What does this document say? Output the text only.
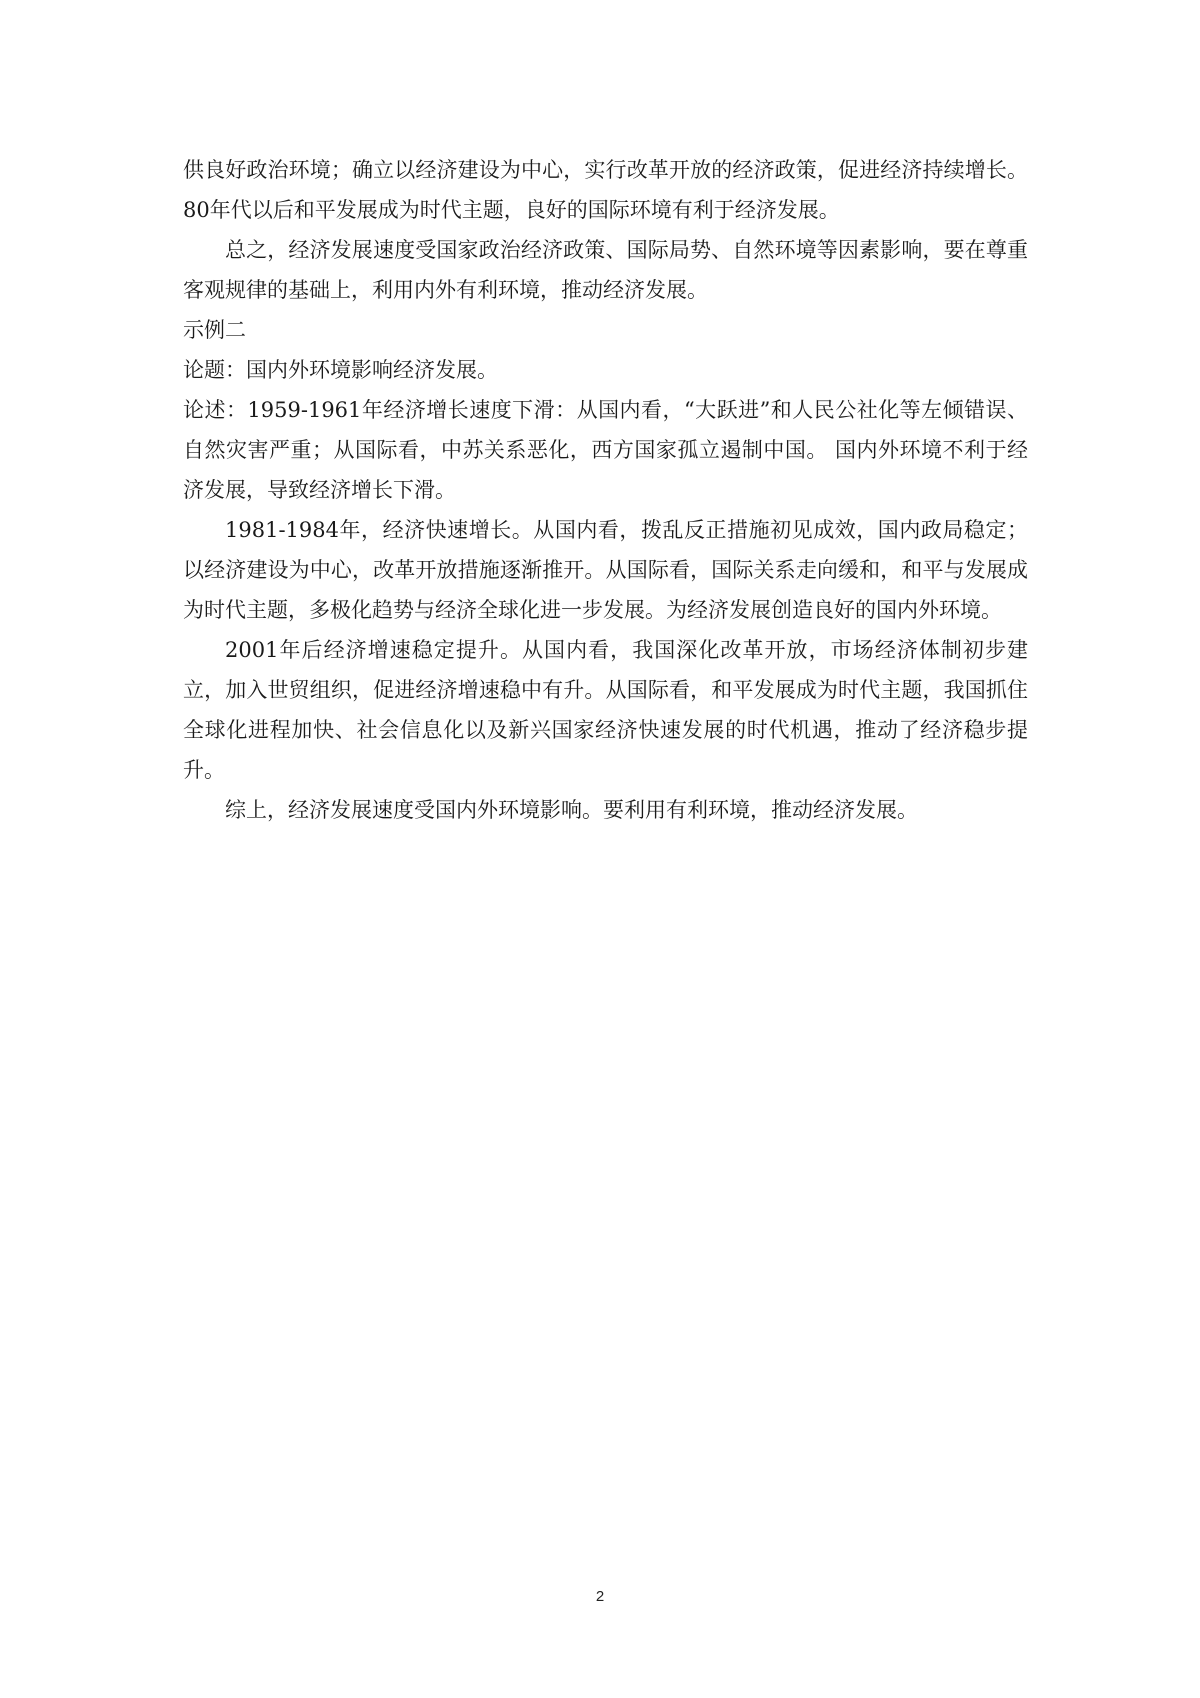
供良好政治环境；确立以经济建设为中心，实行改革开放的经济政策，促进经济持续增长。80年代以后和平发展成为时代主题，良好的国际环境有利于经济发展。

总之，经济发展速度受国家政治经济政策、国际局势、自然环境等因素影响，要在尊重客观规律的基础上，利用内外有利环境，推动经济发展。

示例二

论题：国内外环境影响经济发展。

论述：1959-1961年经济增长速度下滑：从国内看，“大跃进”和人民公社化等左倾错误、自然灾害严重；从国际看，中苏关系恶化，西方国家孤立遏制中国。 国内外环境不利于经济发展，导致经济增长下滑。

1981-1984年，经济快速增长。从国内看，拨乱反正措施初见成效，国内政局稳定；以经济建设为中心，改革开放措施逐渐推开。从国际看，国际关系走向缓和，和平与发展成为时代主题，多极化趋势与经济全球化进一步发展。为经济发展创造良好的国内外环境。

2001年后经济增速稳定提升。从国内看，我国深化改革开放，市场经济体制初步建立，加入世贸组织，促进经济增速稳中有升。从国际看，和平发展成为时代主题，我国抓住全球化进程加快、社会信息化以及新兴国家经济快速发展的时代机遇，推动了经济稳步提升。

综上，经济发展速度受国内外环境影响。要利用有利环境，推动经济发展。

2
